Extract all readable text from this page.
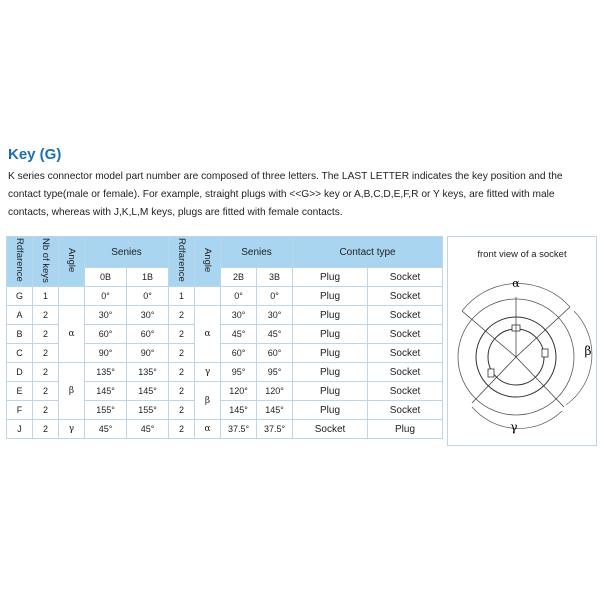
Key (G)
K series connector model part number are composed of three letters. The LAST LETTER indicates the key position and the contact type(male or female). For example, straight plugs with <<G>> key or A,B,C,D,E,F,R or Y keys, are fitted with male contacts, whereas with J,K,L,M keys, plugs are fitted with female contacts.
Rdfarence	Nb of keys	Angle	Senies		Rdfarence	Angle	Senies		Contact type	
			0B	1B			2B	3B	Plug	Socket
G	1		0°	0°	1		0°	0°	Plug	Socket
A	2	α	30°	30°	2	α	30°	30°	Plug	Socket
B	2		60°	60°	2		45°	45°	Plug	Socket
C	2		90°	90°	2		60°	60°	Plug	Socket
D	2	β	135°	135°	2	γ	95°	95°	Plug	Socket
E	2		145°	145°	2	β	120°	120°	Plug	Socket
F	2		155°	155°	2		145°	145°	Plug	Socket
J	2	γ	45°	45°	2	α	37.5°	37.5°	Socket	Plug
front view of a socket
α
β
γ
